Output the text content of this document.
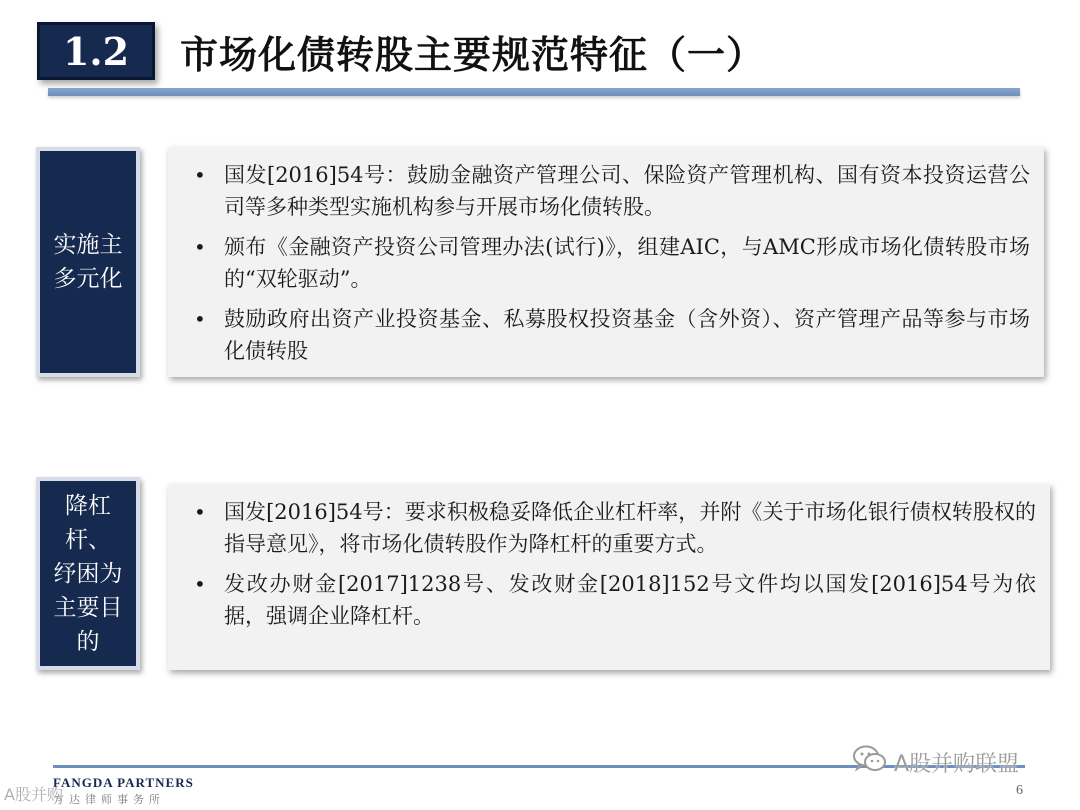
1.2	市场化债转股主要规范特征（一）
实施主
多元化
• 国发[2016]54号：鼓励金融资产管理公司、保险资产管理机构、国有资本投资运营公司等多种类型实施机构参与开展市场化债转股。
• 颁布《金融资产投资公司管理办法(试行)》，组建AIC，与AMC形成市场化债转股市场的“双轮驱动”。
• 鼓励政府出资产业投资基金、私募股权投资基金（含外资）、资产管理产品等参与市场化债转股
降杠杆、
纾困为
主要目
的
• 国发[2016]54号：要求积极稳妥降低企业杠杆率，并附《关于市场化银行债权转股权的指导意见》，将市场化债转股作为降杠杆的重要方式。
• 发改办财金[2017]1238号、发改财金[2018]152号文件均以国发[2016]54号为依据，强调企业降杠杆。
FANGDA PARTNERS
方达律师事务所
6
A股并购联盟
A股并购
